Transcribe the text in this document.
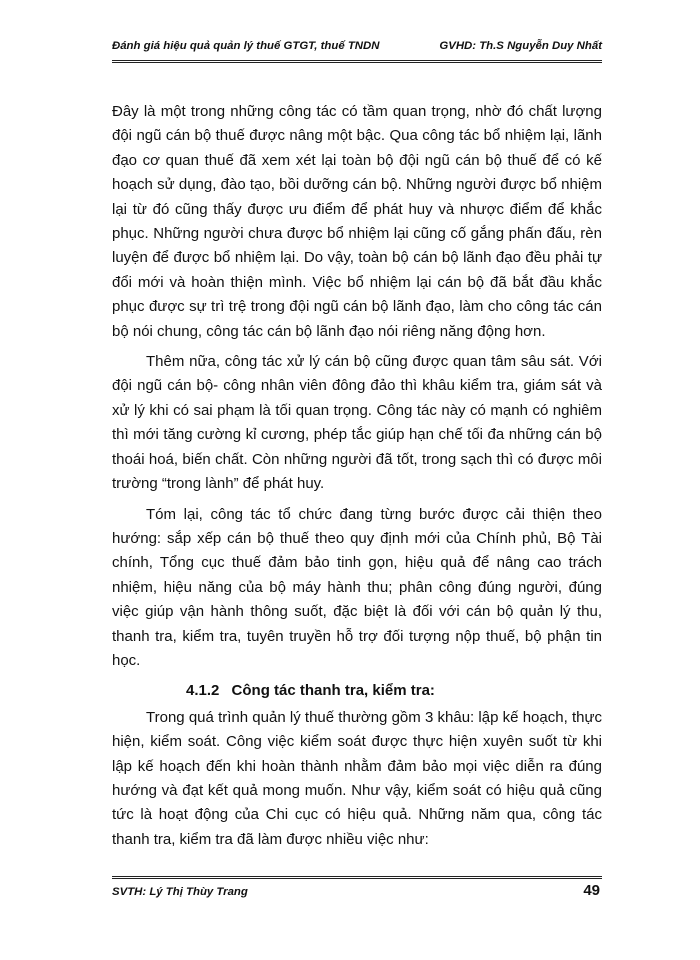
Đánh giá hiệu quả quản lý thuế GTGT, thuế TNDN	GVHD: Th.S Nguyễn Duy Nhất

Đây là một trong những công tác có tầm quan trọng, nhờ đó chất lượng đội ngũ cán bộ thuế được nâng một bậc. Qua công tác bổ nhiệm lại, lãnh đạo cơ quan thuế đã xem xét lại toàn bộ đội ngũ cán bộ thuế để có kế hoạch sử dụng, đào tạo, bồi dưỡng cán bộ. Những người được bổ nhiệm lại từ đó cũng thấy được ưu điểm để phát huy và nhược điểm để khắc phục. Những người chưa được bổ nhiệm lại cũng cố gắng phấn đấu, rèn luyện để được bổ nhiệm lại. Do vậy, toàn bộ cán bộ lãnh đạo đều phải tự đổi mới và hoàn thiện mình. Việc bổ nhiệm lại cán bộ đã bắt đầu khắc phục được sự trì trệ trong đội ngũ cán bộ lãnh đạo, làm cho công tác cán bộ nói chung, công tác cán bộ lãnh đạo nói riêng năng động hơn.

Thêm nữa, công tác xử lý cán bộ cũng được quan tâm sâu sát. Với đội ngũ cán bộ- công nhân viên đông đảo thì khâu kiểm tra, giám sát và xử lý khi có sai phạm là tối quan trọng. Công tác này có mạnh có nghiêm thì mới tăng cường kỉ cương, phép tắc giúp hạn chế tối đa những cán bộ thoái hoá, biến chất. Còn những người đã tốt, trong sạch thì có được môi trường “trong lành” để phát huy.

Tóm lại, công tác tổ chức đang từng bước được cải thiện theo hướng: sắp xếp cán bộ thuế theo quy định mới của Chính phủ, Bộ Tài chính, Tổng cục thuế đảm bảo tinh gọn, hiệu quả để nâng cao trách nhiệm, hiệu năng của bộ máy hành thu; phân công đúng người, đúng việc giúp vận hành thông suốt, đặc biệt là đối với cán bộ quản lý thu, thanh tra, kiểm tra, tuyên truyền hỗ trợ đối tượng nộp thuế, bộ phận tin học.

4.1.2 Công tác thanh tra, kiểm tra:

Trong quá trình quản lý thuế thường gồm 3 khâu: lập kế hoạch, thực hiện, kiểm soát. Công việc kiểm soát được thực hiện xuyên suốt từ khi lập kế hoạch đến khi hoàn thành nhằm đảm bảo mọi việc diễn ra đúng hướng và đạt kết quả mong muốn. Như vậy, kiểm soát có hiệu quả cũng tức là hoạt động của Chi cục có hiệu quả. Những năm qua, công tác thanh tra, kiểm tra đã làm được nhiều việc như:

SVTH: Lý Thị Thùy Trang	49
